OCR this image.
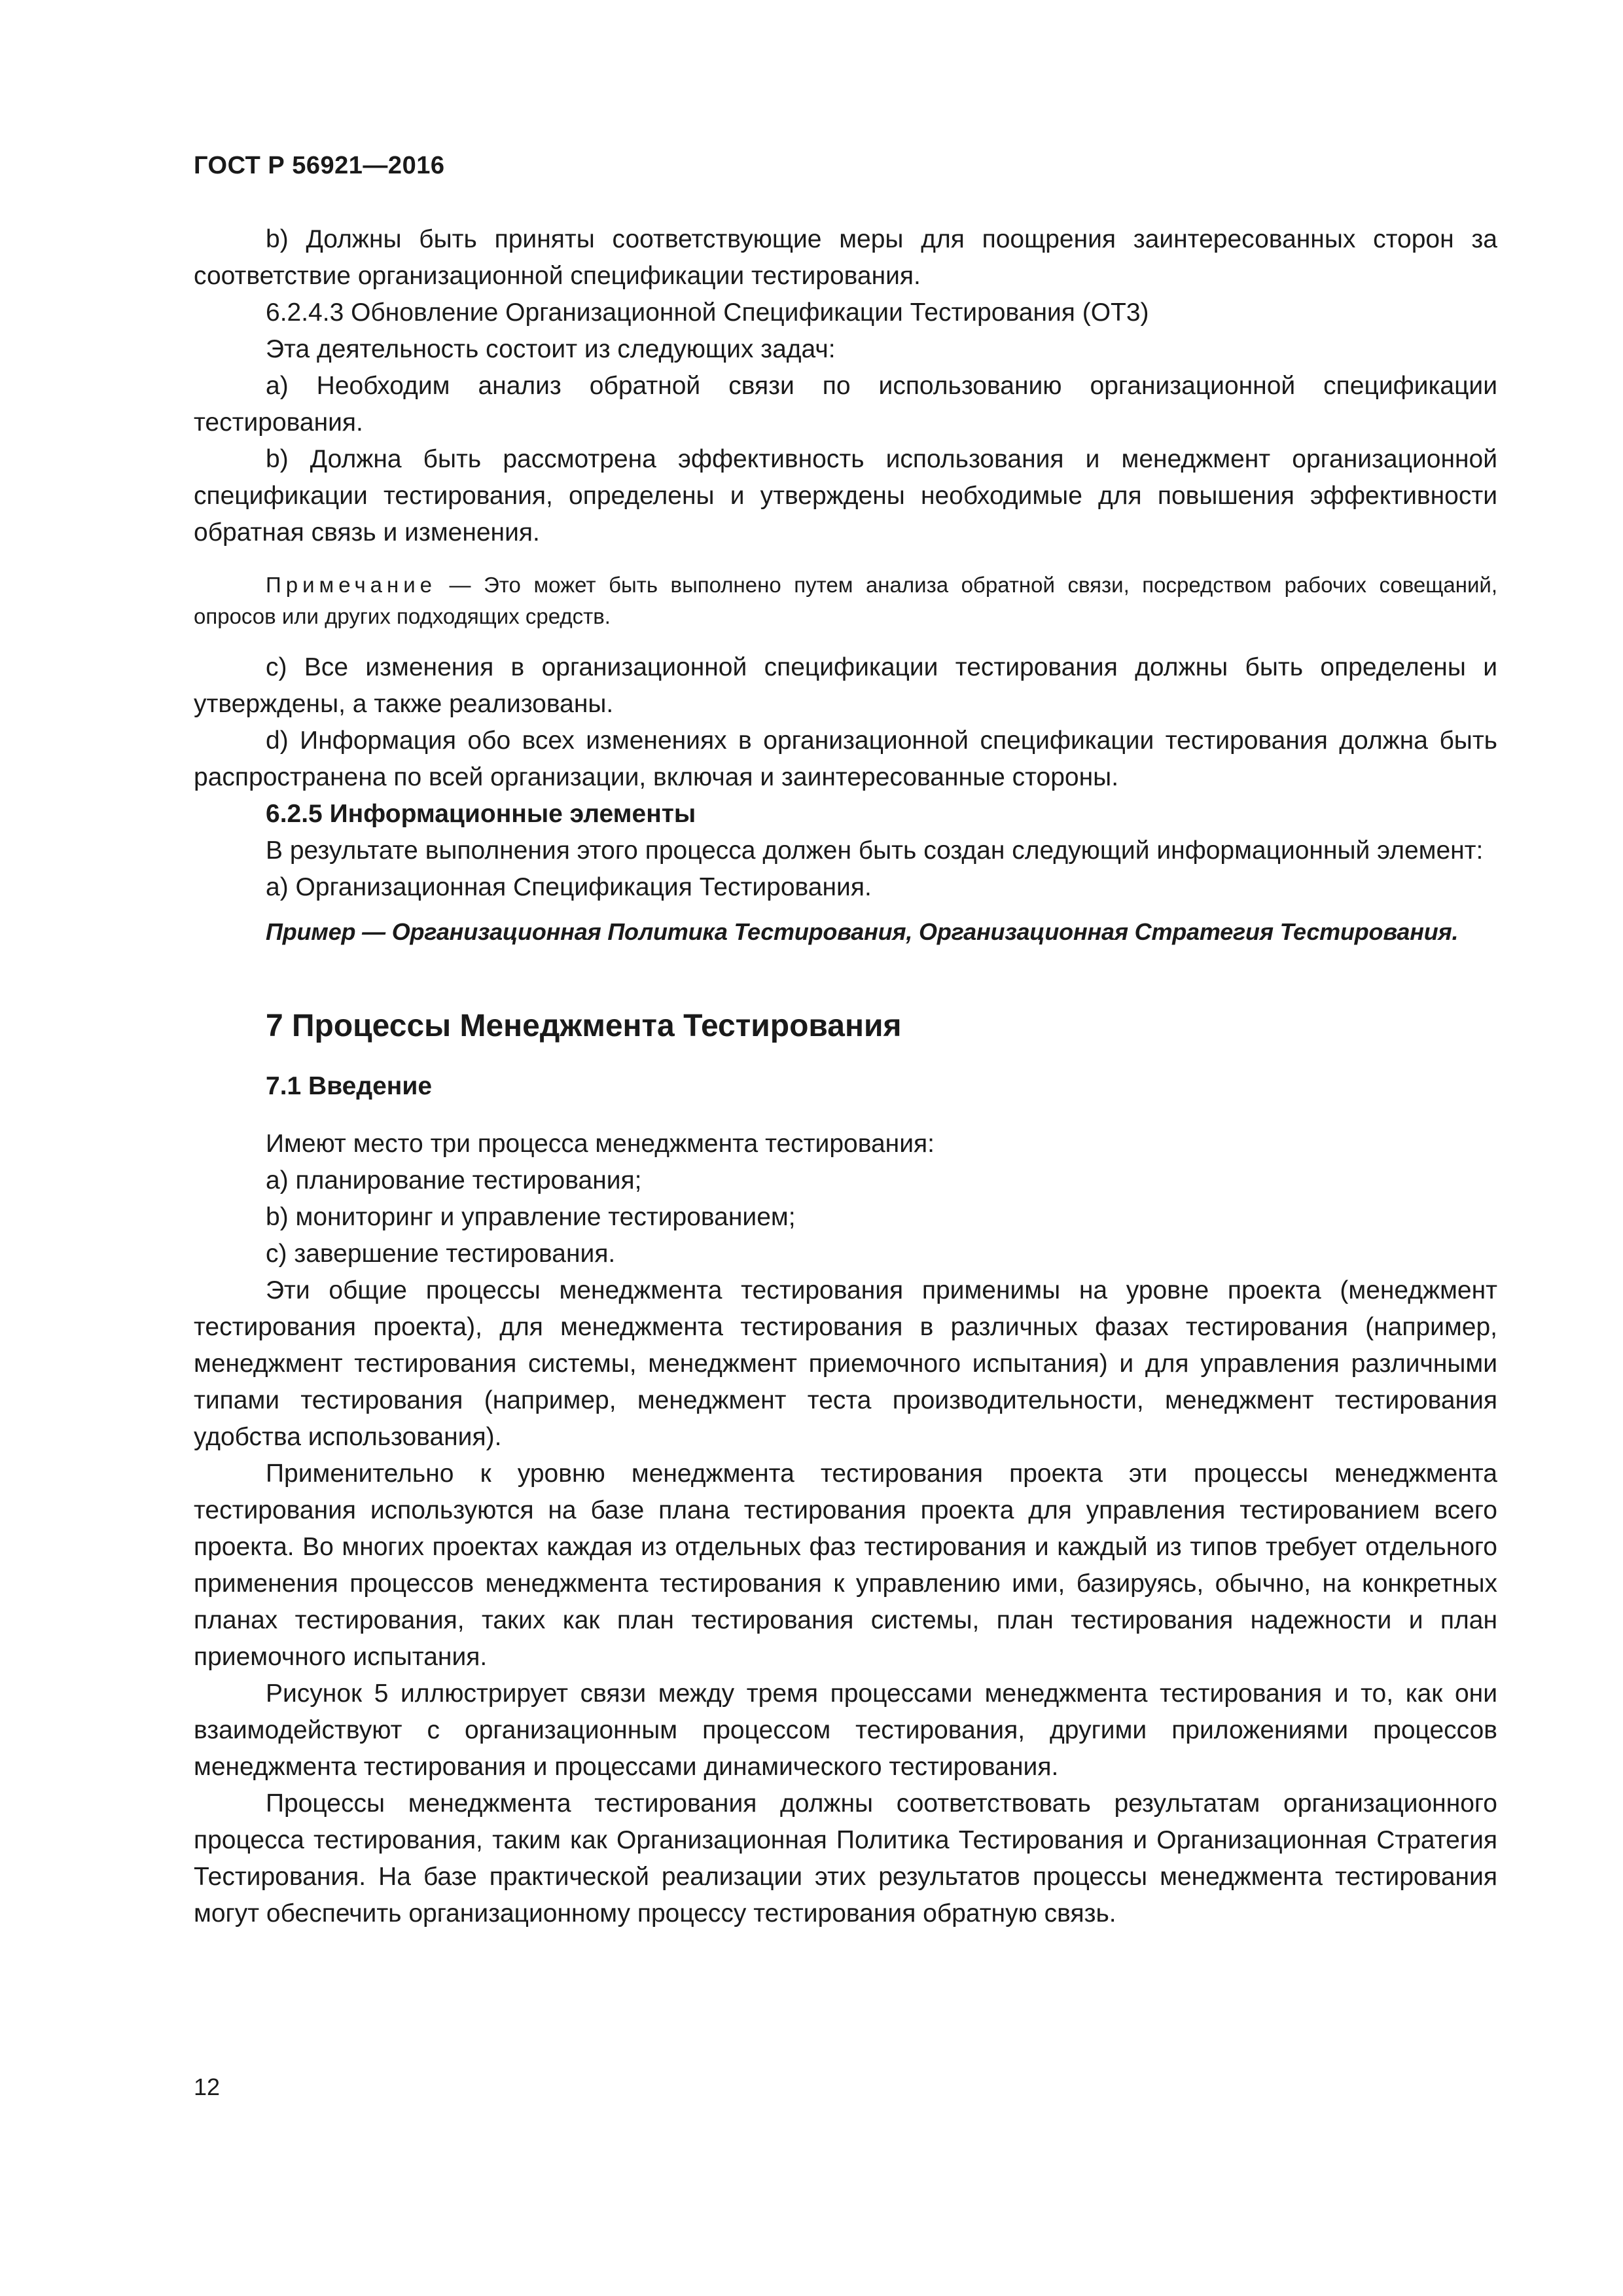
ГОСТ Р 56921—2016

b) Должны быть приняты соответствующие меры для поощрения заинтересованных сторон за соответствие организационной спецификации тестирования.

6.2.4.3 Обновление Организационной Спецификации Тестирования (ОТ3)

Эта деятельность состоит из следующих задач:

a) Необходим анализ обратной связи по использованию организационной спецификации тестирования.

b) Должна быть рассмотрена эффективность использования и менеджмент организационной спецификации тестирования, определены и утверждены необходимые для повышения эффективности обратная связь и изменения.

Примечание — Это может быть выполнено путем анализа обратной связи, посредством рабочих совещаний, опросов или других подходящих средств.

c) Все изменения в организационной спецификации тестирования должны быть определены и утверждены, а также реализованы.

d) Информация обо всех изменениях в организационной спецификации тестирования должна быть распространена по всей организации, включая и заинтересованные стороны.

6.2.5 Информационные элементы

В результате выполнения этого процесса должен быть создан следующий информационный элемент:

a) Организационная Спецификация Тестирования.

Пример — Организационная Политика Тестирования, Организационная Стратегия Тестирования.

7 Процессы Менеджмента Тестирования

7.1 Введение

Имеют место три процесса менеджмента тестирования:

a) планирование тестирования;

b) мониторинг и управление тестированием;

c) завершение тестирования.

Эти общие процессы менеджмента тестирования применимы на уровне проекта (менеджмент тестирования проекта), для менеджмента тестирования в различных фазах тестирования (например, менеджмент тестирования системы, менеджмент приемочного испытания) и для управления различными типами тестирования (например, менеджмент теста производительности, менеджмент тестирования удобства использования).

Применительно к уровню менеджмента тестирования проекта эти процессы менеджмента тестирования используются на базе плана тестирования проекта для управления тестированием всего проекта. Во многих проектах каждая из отдельных фаз тестирования и каждый из типов требует отдельного применения процессов менеджмента тестирования к управлению ими, базируясь, обычно, на конкретных планах тестирования, таких как план тестирования системы, план тестирования надежности и план приемочного испытания.

Рисунок 5 иллюстрирует связи между тремя процессами менеджмента тестирования и то, как они взаимодействуют с организационным процессом тестирования, другими приложениями процессов менеджмента тестирования и процессами динамического тестирования.

Процессы менеджмента тестирования должны соответствовать результатам организационного процесса тестирования, таким как Организационная Политика Тестирования и Организационная Стратегия Тестирования. На базе практической реализации этих результатов процессы менеджмента тестирования могут обеспечить организационному процессу тестирования обратную связь.

12
